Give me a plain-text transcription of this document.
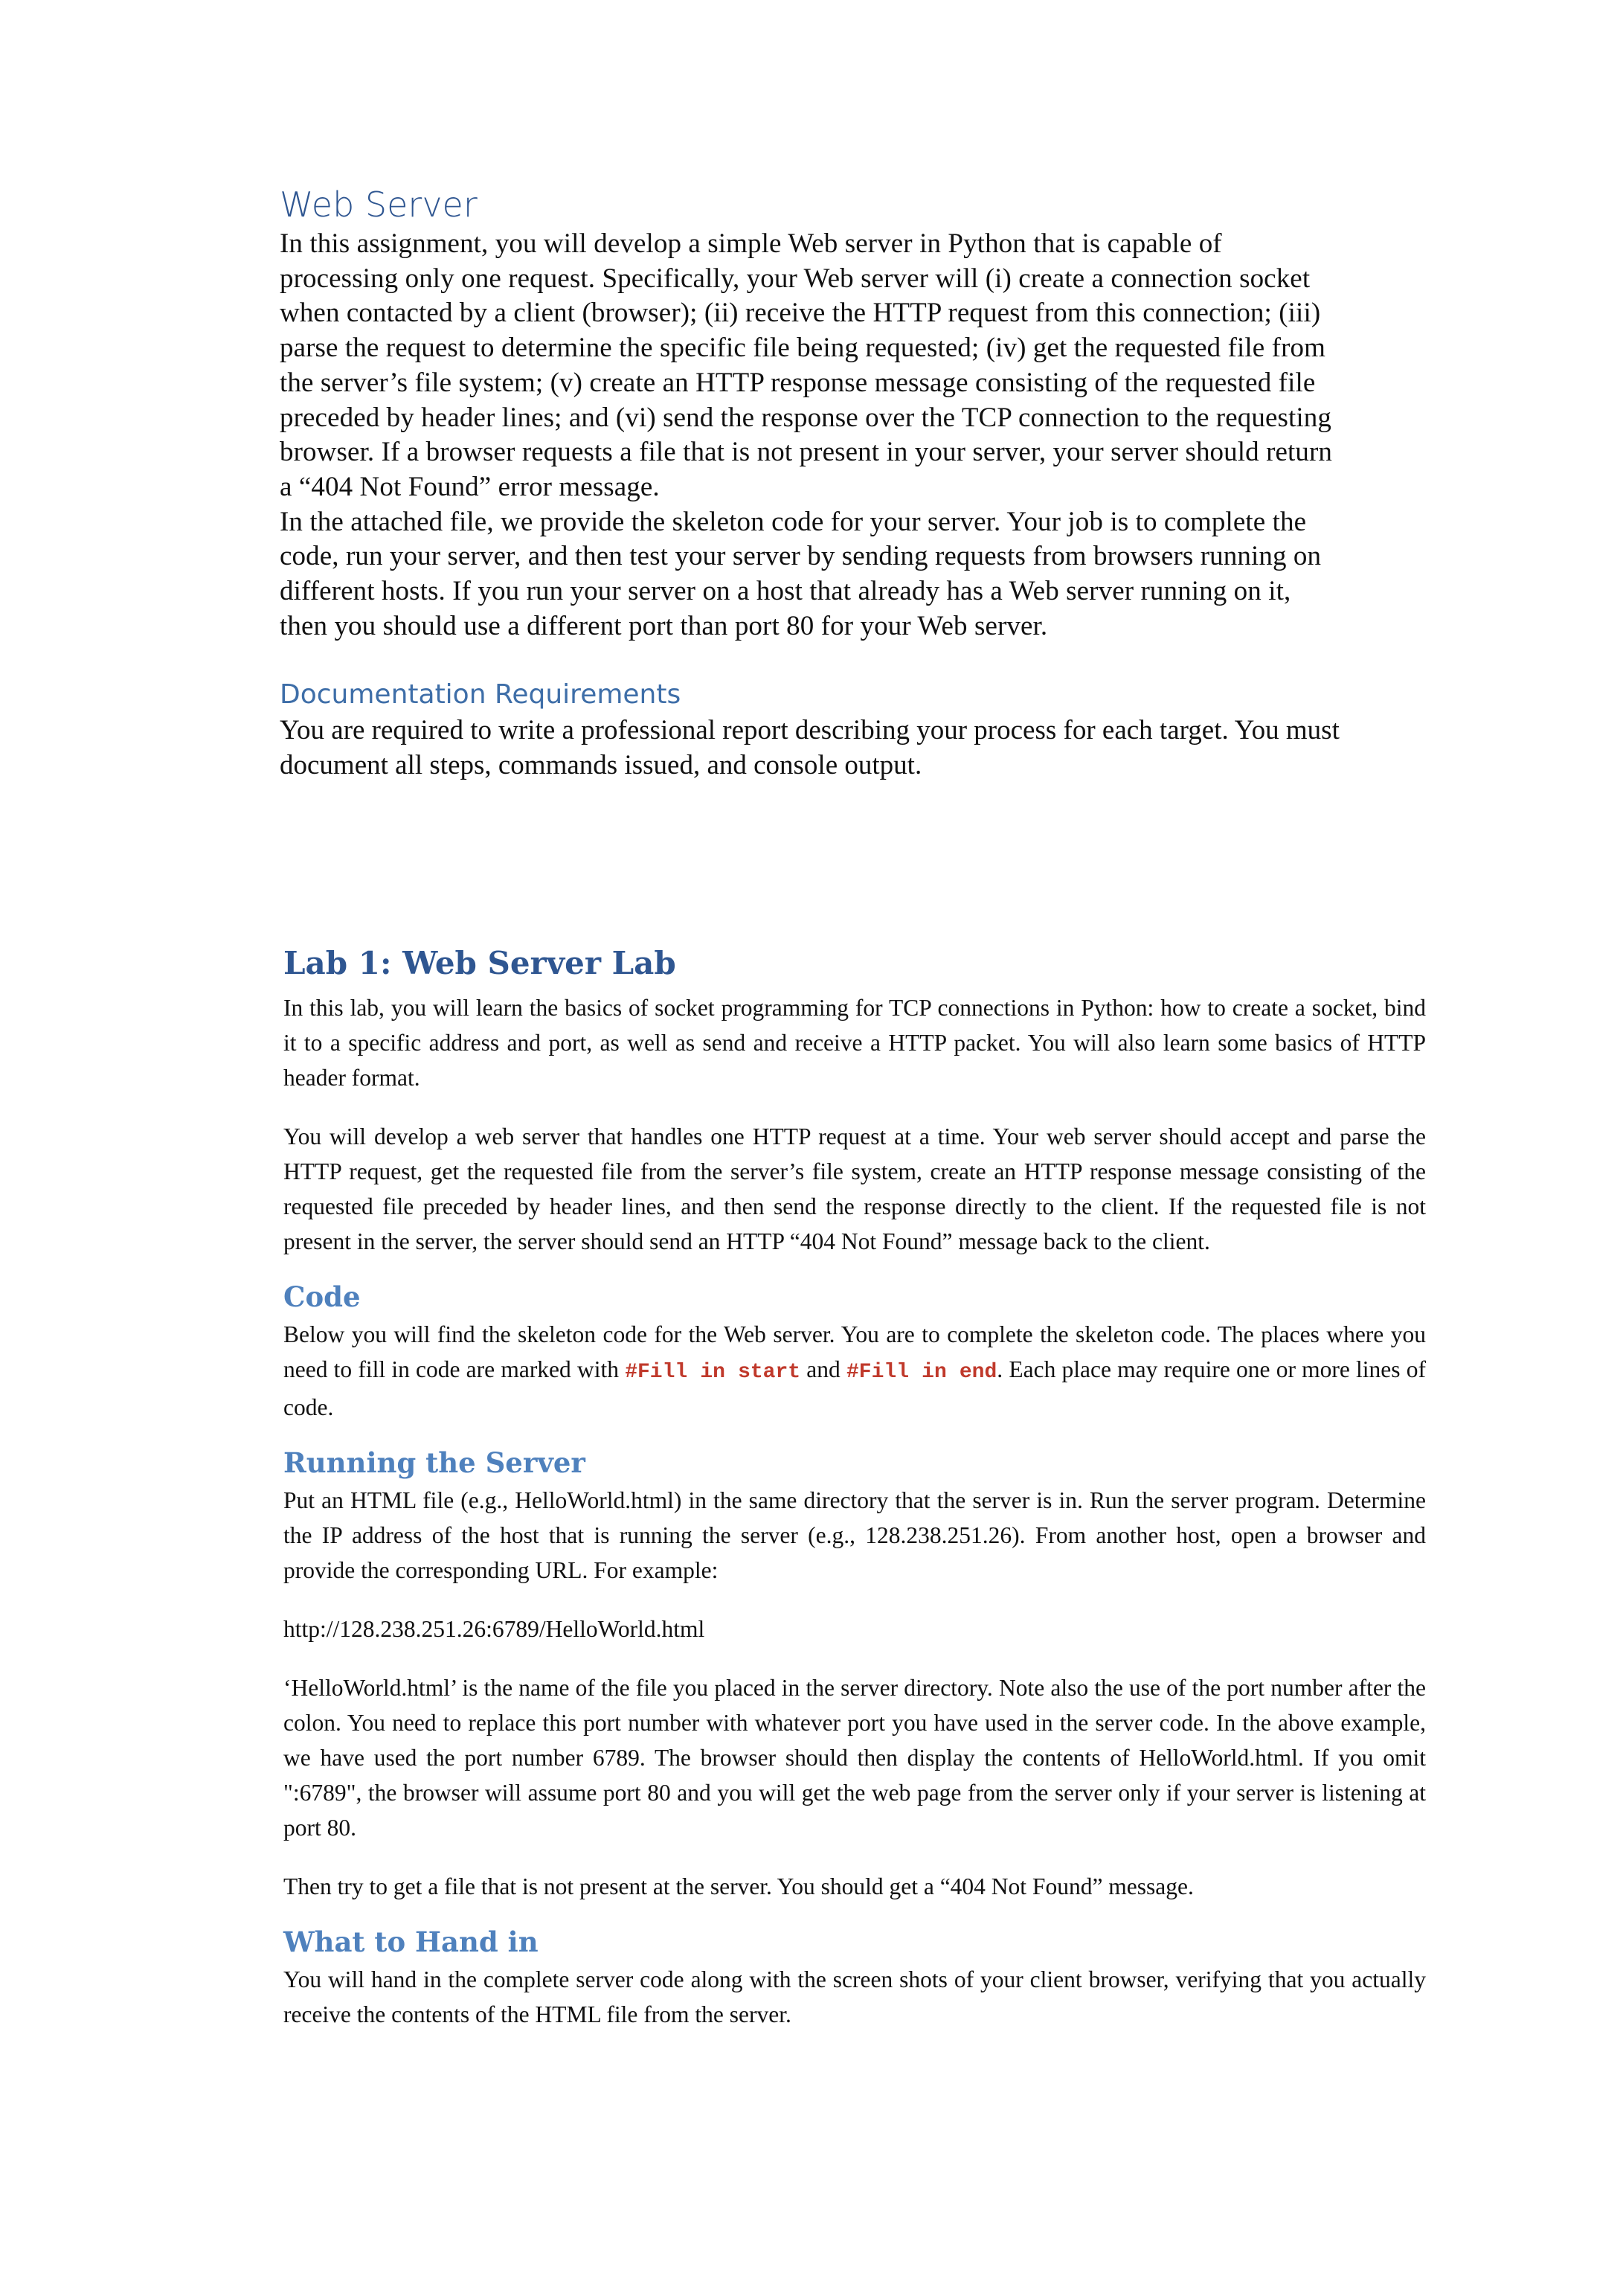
Web Server

In this assignment, you will develop a simple Web server in Python that is capable of processing only one request. Specifically, your Web server will (i) create a connection socket when contacted by a client (browser); (ii) receive the HTTP request from this connection; (iii) parse the request to determine the specific file being requested; (iv) get the requested file from the server’s file system; (v) create an HTTP response message consisting of the requested file preceded by header lines; and (vi) send the response over the TCP connection to the requesting browser. If a browser requests a file that is not present in your server, your server should return a “404 Not Found” error message.

In the attached file, we provide the skeleton code for your server. Your job is to complete the code, run your server, and then test your server by sending requests from browsers running on different hosts. If you run your server on a host that already has a Web server running on it, then you should use a different port than port 80 for your Web server.

Documentation Requirements

You are required to write a professional report describing your process for each target. You must document all steps, commands issued, and console output.

Lab 1: Web Server Lab

In this lab, you will learn the basics of socket programming for TCP connections in Python: how to create a socket, bind it to a specific address and port, as well as send and receive a HTTP packet. You will also learn some basics of HTTP header format.

You will develop a web server that handles one HTTP request at a time. Your web server should accept and parse the HTTP request, get the requested file from the server’s file system, create an HTTP response message consisting of the requested file preceded by header lines, and then send the response directly to the client. If the requested file is not present in the server, the server should send an HTTP “404 Not Found” message back to the client.

Code

Below you will find the skeleton code for the Web server. You are to complete the skeleton code. The places where you need to fill in code are marked with #Fill in start and #Fill in end. Each place may require one or more lines of code.

Running the Server

Put an HTML file (e.g., HelloWorld.html) in the same directory that the server is in. Run the server program. Determine the IP address of the host that is running the server (e.g., 128.238.251.26). From another host, open a browser and provide the corresponding URL. For example:

http://128.238.251.26:6789/HelloWorld.html

‘HelloWorld.html’ is the name of the file you placed in the server directory. Note also the use of the port number after the colon. You need to replace this port number with whatever port you have used in the server code. In the above example, we have used the port number 6789. The browser should then display the contents of HelloWorld.html. If you omit ":6789", the browser will assume port 80 and you will get the web page from the server only if your server is listening at port 80.

Then try to get a file that is not present at the server. You should get a “404 Not Found” message.

What to Hand in

You will hand in the complete server code along with the screen shots of your client browser, verifying that you actually receive the contents of the HTML file from the server.
